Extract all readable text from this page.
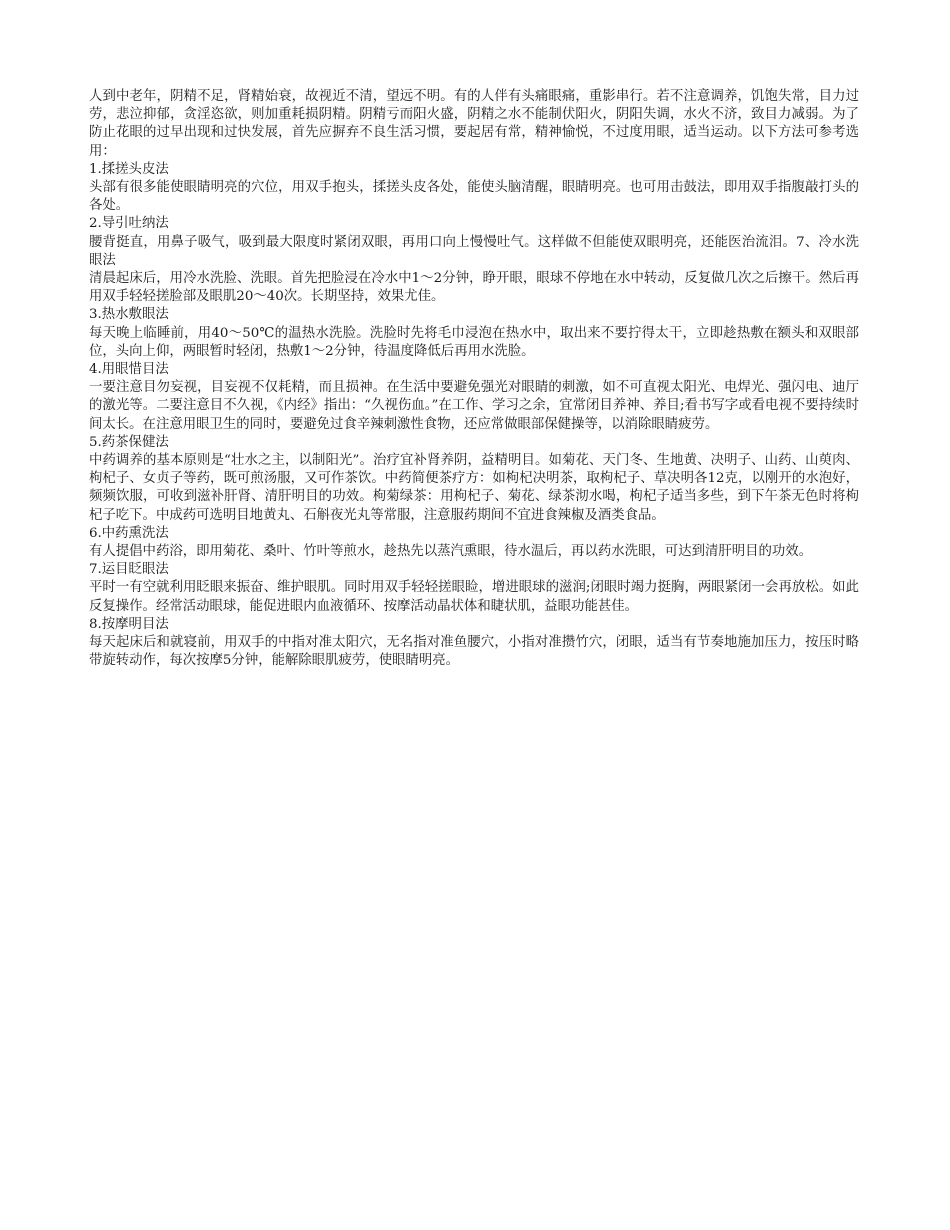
人到中老年，阴精不足，肾精始衰，故视近不清，望远不明。有的人伴有头痛眼痛，重影串行。若不注意调养，饥饱失常，目力过劳，悲泣抑郁，贪淫恣欲，则加重耗损阴精。阴精亏而阳火盛，阴精之水不能制伏阳火，阴阳失调，水火不济，致目力减弱。为了防止花眼的过早出现和过快发展，首先应摒弃不良生活习惯，要起居有常，精神愉悦，不过度用眼，适当运动。以下方法可参考选用：

1.揉搓头皮法

头部有很多能使眼睛明亮的穴位，用双手抱头，揉搓头皮各处，能使头脑清醒，眼睛明亮。也可用击鼓法，即用双手指腹敲打头的各处。

2.导引吐纳法

腰背挺直，用鼻子吸气，吸到最大限度时紧闭双眼，再用口向上慢慢吐气。这样做不但能使双眼明亮，还能医治流泪。7、冷水洗眼法

清晨起床后，用冷水洗脸、洗眼。首先把脸浸在冷水中1～2分钟，睁开眼，眼球不停地在水中转动，反复做几次之后擦干。然后再用双手轻轻搓脸部及眼肌20～40次。长期坚持，效果尤佳。

3.热水敷眼法

每天晚上临睡前，用40～50℃的温热水洗脸。洗脸时先将毛巾浸泡在热水中，取出来不要拧得太干，立即趁热敷在额头和双眼部位，头向上仰，两眼暂时轻闭，热敷1～2分钟，待温度降低后再用水洗脸。

4.用眼惜目法

一要注意目勿妄视，目妄视不仅耗精，而且损神。在生活中要避免强光对眼睛的刺激，如不可直视太阳光、电焊光、强闪电、迪厅的激光等。二要注意目不久视，《内经》指出：“久视伤血。”在工作、学习之余，宜常闭目养神、养目;看书写字或看电视不要持续时间太长。在注意用眼卫生的同时，要避免过食辛辣刺激性食物，还应常做眼部保健操等，以消除眼睛疲劳。

5.药茶保健法

中药调养的基本原则是“壮水之主，以制阳光”。治疗宜补肾养阴，益精明目。如菊花、天门冬、生地黄、决明子、山药、山萸肉、枸杞子、女贞子等药，既可煎汤服，又可作茶饮。中药简便茶疗方：如枸杞决明茶，取枸杞子、草决明各12克，以刚开的水泡好，频频饮服，可收到滋补肝肾、清肝明目的功效。枸菊绿茶：用枸杞子、菊花、绿茶沏水喝，枸杞子适当多些，到下午茶无色时将枸杞子吃下。中成药可选明目地黄丸、石斛夜光丸等常服，注意服药期间不宜进食辣椒及酒类食品。

6.中药熏洗法

有人提倡中药浴，即用菊花、桑叶、竹叶等煎水，趁热先以蒸汽熏眼，待水温后，再以药水洗眼，可达到清肝明目的功效。

7.运目眨眼法

平时一有空就利用眨眼来振奋、维护眼肌。同时用双手轻轻搓眼睑，增进眼球的滋润;闭眼时竭力挺胸，两眼紧闭一会再放松。如此反复操作。经常活动眼球，能促进眼内血液循环、按摩活动晶状体和睫状肌，益眼功能甚佳。

8.按摩明目法

每天起床后和就寝前，用双手的中指对准太阳穴，无名指对准鱼腰穴，小指对准攒竹穴，闭眼，适当有节奏地施加压力，按压时略带旋转动作，每次按摩5分钟，能解除眼肌疲劳，使眼睛明亮。
